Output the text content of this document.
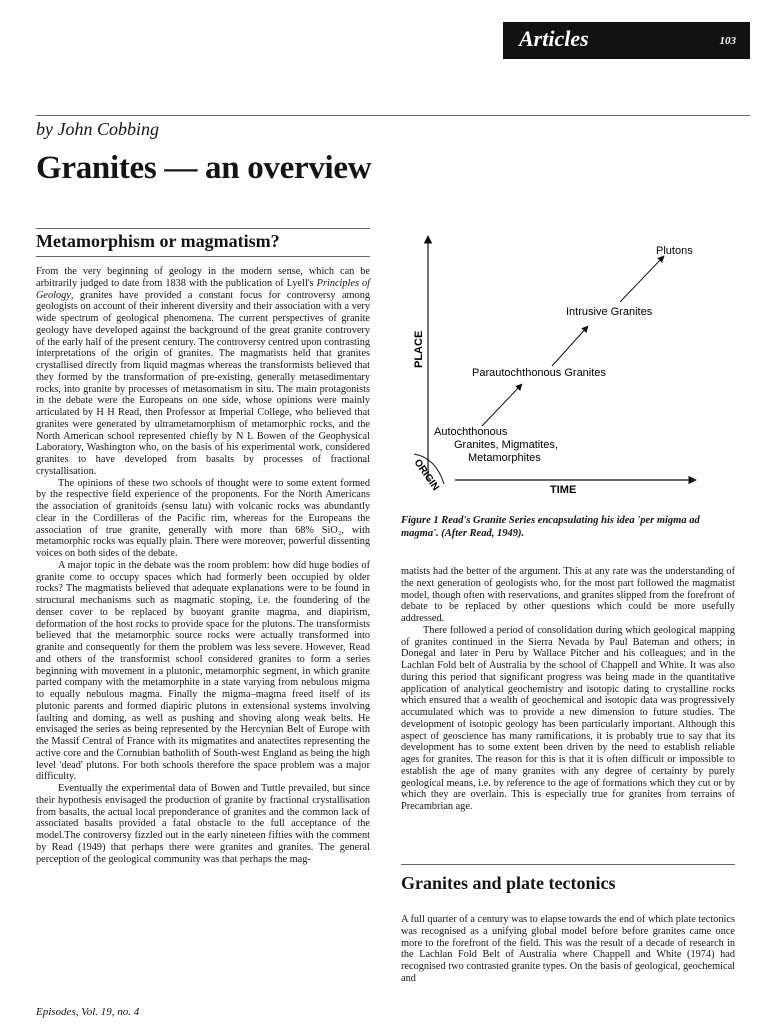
Articles	103
by John Cobbing
Granites — an overview
Metamorphism or magmatism?

From the very beginning of geology in the modern sense, which can be arbitrarily judged to date from 1838 with the publication of Lyell's Principles of Geology, granites have provided a constant focus for controversy among geologists on account of their inherent diversity and their association with a very wide spectrum of geological phenomena. The current perspectives of granite geology have developed against the background of the great granite controvery of the early half of the present century. The controversy centred upon contrasting interpretations of the origin of granites. The magmatists held that granites crystallised directly from liquid magmas whereas the transformists believed that they formed by the transformation of pre-existing, generally metasedimentary rocks, into granite by processes of metasomatism in situ. The main protagonists in the debate were the Europeans on one side, whose opinions were mainly articulated by H H Read, then Professor at Imperial College, who believed that granites were generated by ultrametamorphism of metamorphic rocks, and the North American school represented chiefly by N L Bowen of the Geophysical Laboratory, Washington who, on the basis of his experimental work, considered granites to have developed from basalts by processes of fractional crystallisation.

The opinions of these two schools of thought were to some extent formed by the respective field experience of the proponents. For the North Americans the association of granitoids (sensu latu) with volcanic rocks was abundantly clear in the Cordilleras of the Pacific rim, whereas for the Europeans the association of true granite, generally with more than 68% SiO₂, with metamorphic rocks was equally plain. There were moreover, powerful dissenting voices on both sides of the debate.

A major topic in the debate was the room problem: how did huge bodies of granite come to occupy spaces which had formerly been occupied by older rocks? The magmatists believed that adequate explanations were to be found in structural mechanisms such as magmatic stoping, i.e. the foundering of the denser cover to be replaced by buoyant granite magma, and diapirism, deformation of the host rocks to provide space for the plutons. The transformists believed that the metamorphic source rocks were actually transformed into granite and consequently for them the problem was less severe. However, Read and others of the transformist school considered granites to form a series beginning with movement in a plutonic, metamorphic segment, in which granite parted company with the metamorphite in a state varying from nebulous migma to equally nebulous magma. Finally the migma–magma freed itself of its plutonic parents and formed diapiric plutons in extensional systems involving faulting and doming, as well as pushing and shoving along weak belts. He envisaged the series as being represented by the Hercynian Belt of Europe with the Massif Central of France with its migmatites and anatectites representing the active core and the Cornubian batholith of South-west England as being the high level 'dead' plutons. For both schools therefore the space problem was a major difficulty.

Eventually the experimental data of Bowen and Tuttle prevailed, but since their hypothesis envisaged the production of granite by fractional crystallisation from basalts, the actual local preponderance of granites and the common lack of associated basalts provided a fatal obstacle to the full acceptance of the model.The controversy fizzled out in the early nineteen fifties with the comment by Read (1949) that perhaps there were granites and granites. The general perception of the geological community was that perhaps the mag-

PLACE
TIME
ORIGIN
Autochthonous
Granites, Migmatites,
Metamorphites
Parautochthonous Granites
Intrusive Granites
Plutons
Figure 1 Read's Granite Series encapsulating his idea 'per migma ad magma'. (After Read, 1949).

matists had the better of the argument. This at any rate was the understanding of the next generation of geologists who, for the most part followed the magmatist model, though often with reservations, and granites slipped from the forefront of debate to be replaced by other questions which could be more usefully addressed.

There followed a period of consolidation during which geological mapping of granites continued in the Sierra Nevada by Paul Bateman and others; in Donegal and later in Peru by Wallace Pitcher and his colleagues; and in the Lachlan Fold belt of Australia by the school of Chappell and White. It was also during this period that significant progress was being made in the quantitative application of analytical geochemistry and isotopic dating to crystalline rocks which ensured that a wealth of geochemical and isotopic data was progressively accumulated which was to provide a new dimension to future studies. The development of isotopic geology has been particularly important. Although this aspect of geoscience has many ramifications, it is probably true to say that its development has to some extent been driven by the need to establish reliable ages for granites. The reason for this is that it is often difficult or impossible to establish the age of many granites with any degree of certainty by purely geological means, i.e. by reference to the age of formations which they cut or by which they are overlain. This is especially true for granites from terrains of Precambrian age.

Granites and plate tectonics

A full quarter of a century was to elapse towards the end of which plate tectonics was recognised as a unifying global model before before granites came once more to the forefront of the field. This was the result of a decade of research in the Lachlan Fold Belt of Australia where Chappell and White (1974) had recognised two contrasted granite types. On the basis of geological, geochemical and

Episodes, Vol. 19, no. 4
